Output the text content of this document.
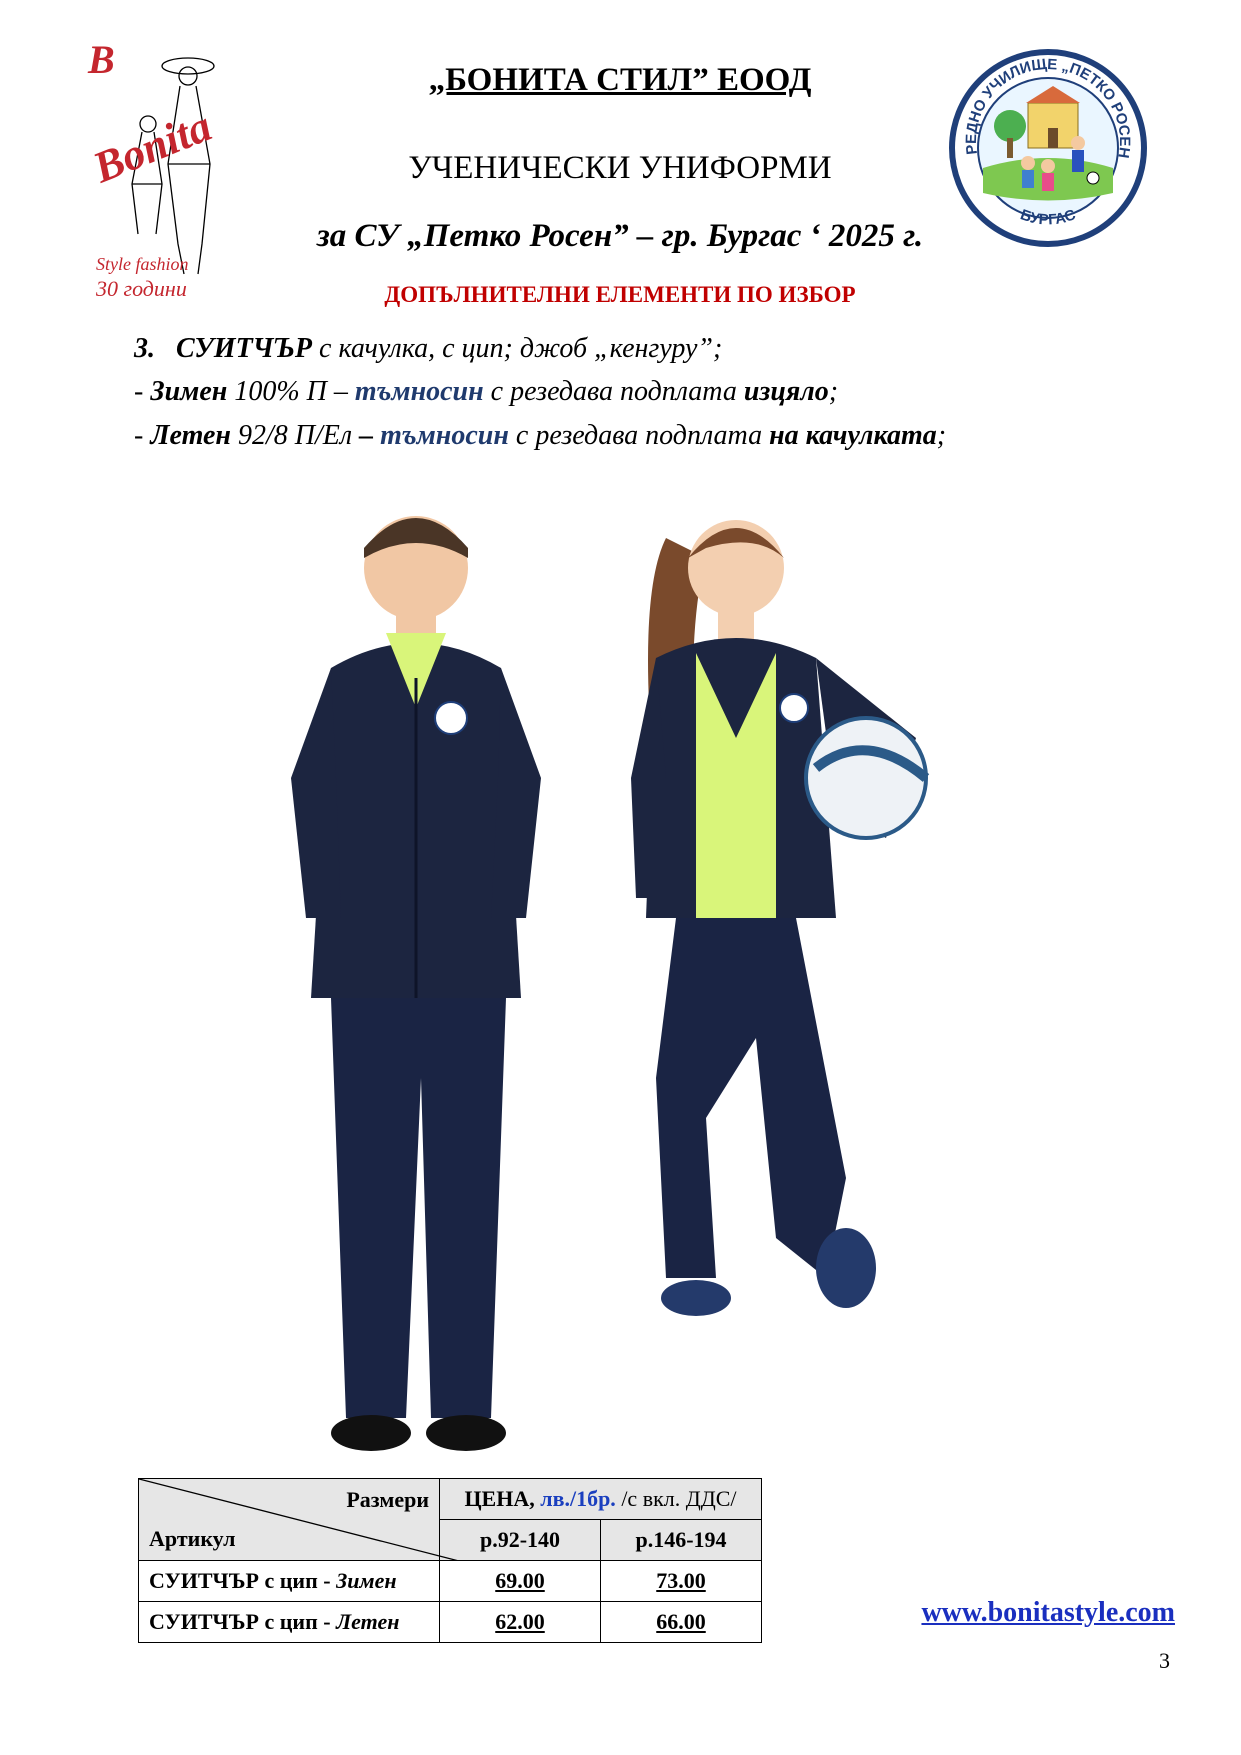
B
Bonita
Style fashion
30 години
РЕДНО УЧИЛИЩЕ „ПЕТКО РОСЕН
БУРГАС
„БОНИТА СТИЛ” ЕООД
УЧЕНИЧЕСКИ УНИФОРМИ
за СУ „Петко Росен” – гр. Бургас ‘ 2025 г.
ДОПЪЛНИТЕЛНИ ЕЛЕМЕНТИ ПО ИЗБОР
3. СУИТЧЪР с качулка, с цип; джоб „кенгуру”;
- Зимен 100% П – тъмносин с резедава подплата изцяло;
- Летен 92/8 П/Ел – тъмносин с резедава подплата на качулката;
Размери
Артикул	ЦЕНА, лв./1бр. /с вкл. ДДС/	
	р.92-140	р.146-194
СУИТЧЪР с цип - Зимен	69.00	73.00
СУИТЧЪР с цип - Летен	62.00	66.00	www.bonitastyle.com
3
